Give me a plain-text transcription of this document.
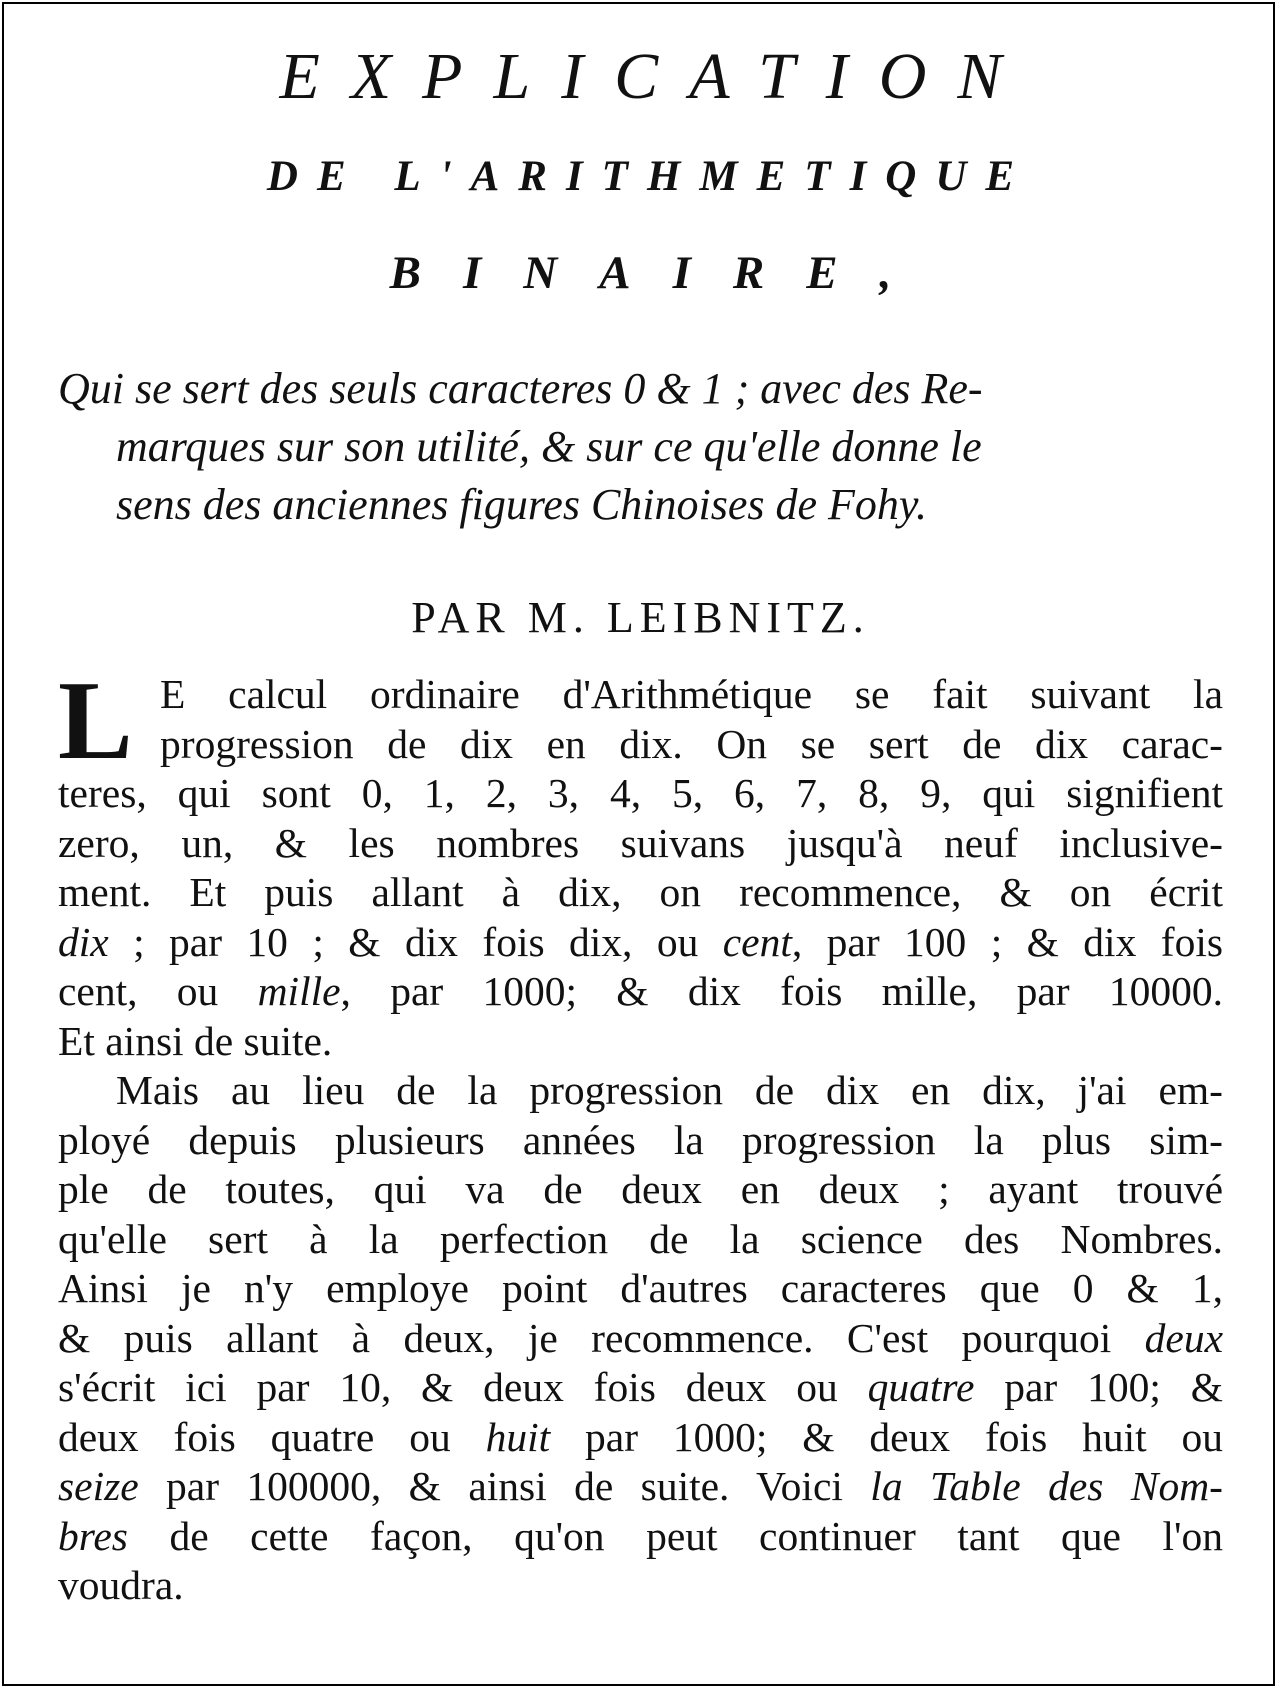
EXPLICATION
DE L'ARITHMETIQUE
BINAIRE,
Qui se sert des seuls caracteres 0 & 1 ; avec des Re-
marques sur son utilité, & sur ce qu'elle donne le
sens des anciennes figures Chinoises de Fohy.
PAR M. LEIBNITZ.
L E calcul ordinaire d'Arithmétique se fait suivant la
progression de dix en dix. On se sert de dix carac-
teres, qui sont 0, 1, 2, 3, 4, 5, 6, 7, 8, 9, qui signifient
zero, un, & les nombres suivans jusqu'à neuf inclusive-
ment. Et puis allant à dix, on recommence, & on écrit
dix ; par 10 ; & dix fois dix, ou cent, par 100 ; & dix fois
cent, ou mille, par 1000; & dix fois mille, par 10000.
Et ainsi de suite.
Mais au lieu de la progression de dix en dix, j'ai em-
ployé depuis plusieurs années la progression la plus sim-
ple de toutes, qui va de deux en deux ; ayant trouvé
qu'elle sert à la perfection de la science des Nombres.
Ainsi je n'y employe point d'autres caracteres que 0 & 1,
& puis allant à deux, je recommence. C'est pourquoi deux
s'écrit ici par 10, & deux fois deux ou quatre par 100; &
deux fois quatre ou huit par 1000; & deux fois huit ou
seize par 100000, & ainsi de suite. Voici la Table des Nom-
bres de cette façon, qu'on peut continuer tant que l'on
voudra.
